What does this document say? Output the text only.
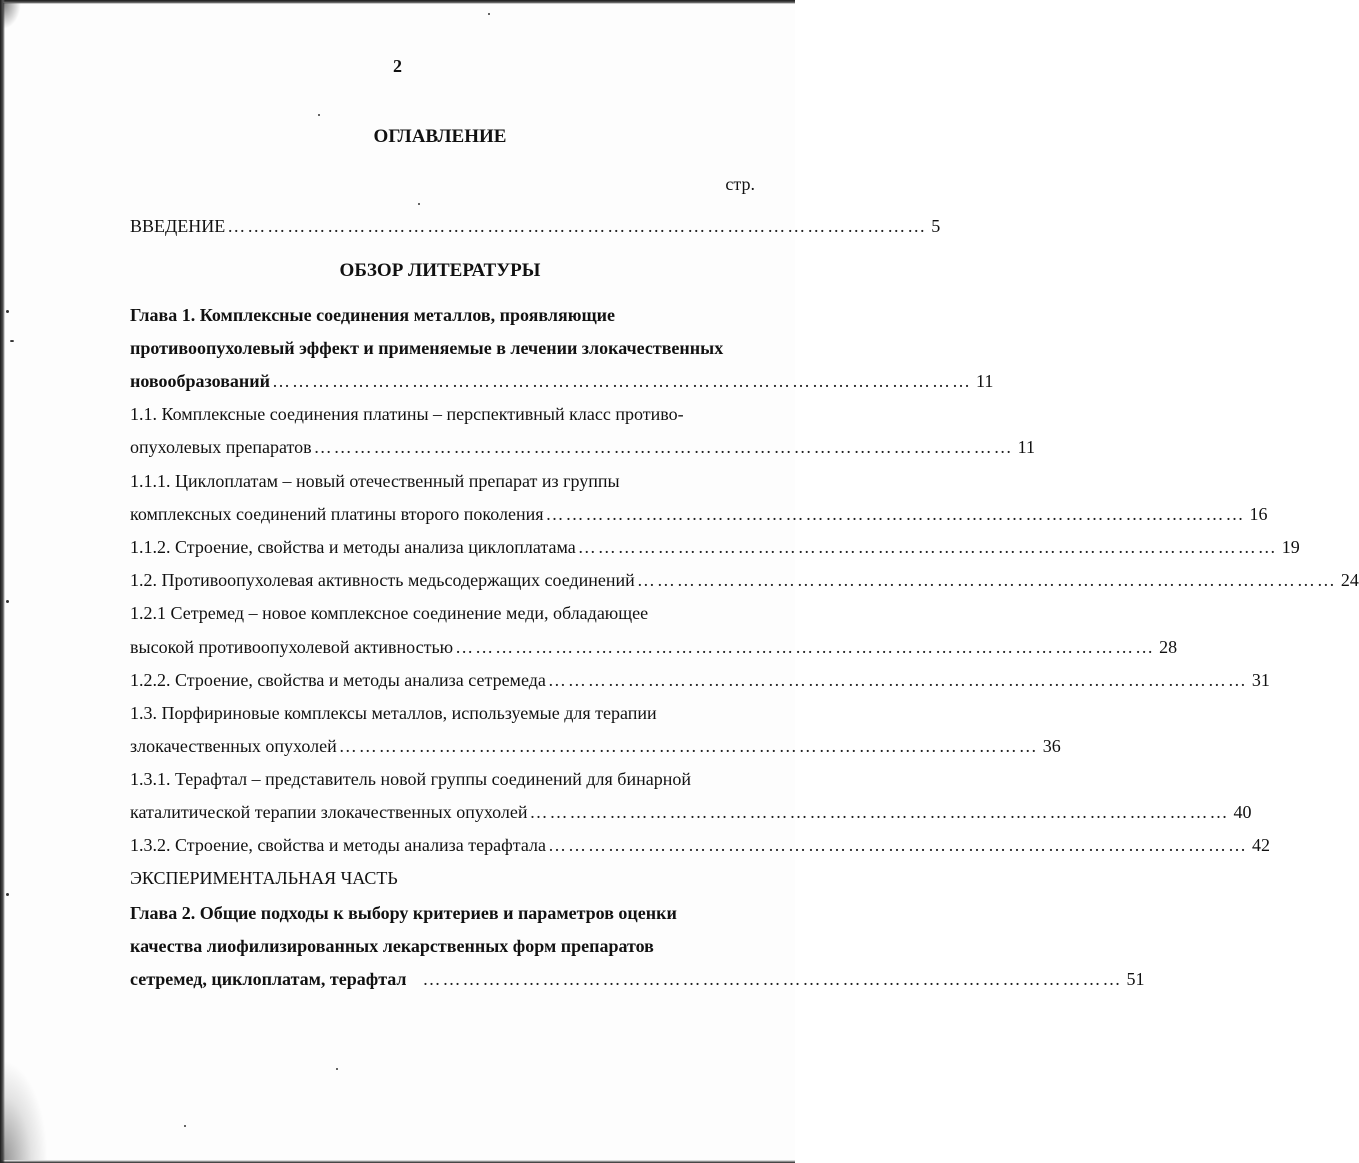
2
ОГЛАВЛЕНИЕ
стр.
ВВЕДЕНИЕ …………………………………………………………………………………………… 5
ОБЗОР ЛИТЕРАТУРЫ
Глава 1. Комплексные соединения металлов, проявляющие
противоопухолевый эффект и применяемые в лечении злокачественных
новообразований …………………………………………………………………………………………… 11
1.1. Комплексные соединения платины – перспективный класс противо-
опухолевых препаратов …………………………………………………………………………………………… 11
1.1.1. Циклоплатам – новый отечественный препарат из группы
комплексных соединений платины второго поколения …………………………………………………………………………………………… 16
1.1.2. Строение, свойства и методы анализа циклоплатама …………………………………………………………………………………………… 19
1.2. Противоопухолевая активность медьсодержащих соединений …………………………………………………………………………………………… 24
1.2.1 Сетремед – новое комплексное соединение меди, обладающее
высокой противоопухолевой активностью …………………………………………………………………………………………… 28
1.2.2. Строение, свойства и методы анализа сетремеда …………………………………………………………………………………………… 31
1.3. Порфириновые комплексы металлов, используемые для терапии
злокачественных опухолей …………………………………………………………………………………………… 36
1.3.1. Терафтал – представитель новой группы соединений для бинарной
каталитической терапии злокачественных опухолей …………………………………………………………………………………………… 40
1.3.2. Строение, свойства и методы анализа терафтала …………………………………………………………………………………………… 42
ЭКСПЕРИМЕНТАЛЬНАЯ ЧАСТЬ
Глава 2. Общие подходы к выбору критериев и параметров оценки
качества лиофилизированных лекарственных форм препаратов
сетремед, циклоплатам, терафтал …………………………………………………………………………………………… 51
